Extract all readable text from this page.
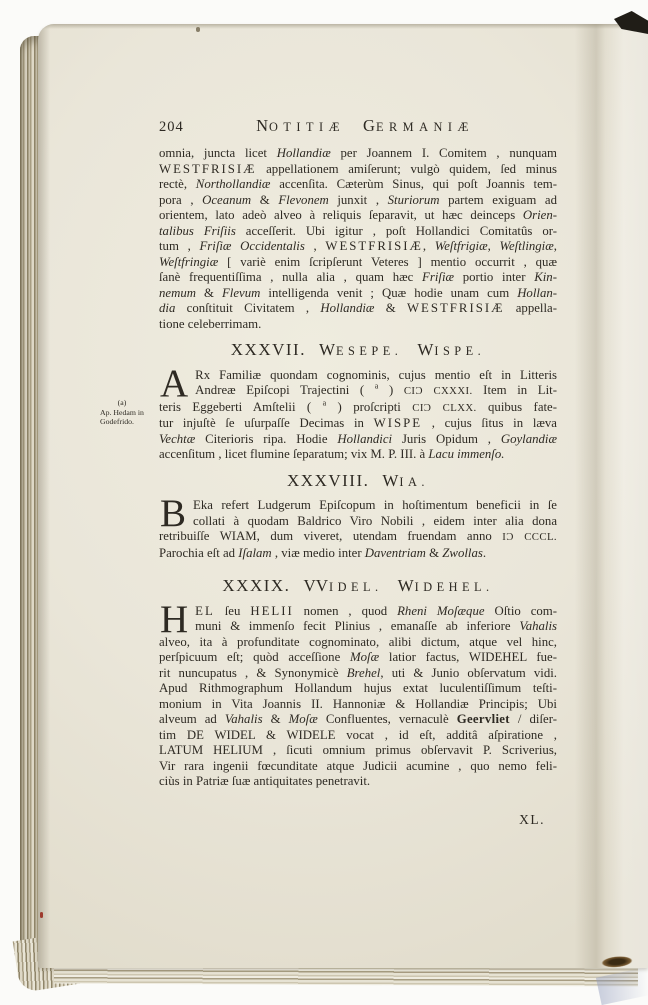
(a)
Ap. Hedam in
Godefrido.
204	NOTITIÆ GERMANIÆ
omnia, juncta licet Hollandiæ per Joannem I. Comitem , nunquam
WESTFRISIÆ appellationem amiſerunt; vulgò quidem, ſed minus
rectè, Northollandiæ accenſita. Cæterùm Sinus, qui poſt Joannis tem-
pora , Oceanum & Flevonem junxit , Sturiorum partem exiguam ad
orientem, lato adeò alveo à reliquis ſeparavit, ut hæc deinceps Orien-
talibus Friſiis acceſſerit. Ubi igitur , poſt Hollandici Comitatûs or-
tum , Friſiæ Occidentalis , WESTFRISIÆ, Weſtfrigiæ, Weſtlingiæ,
Weſtfringiæ [ variè enim ſcripſerunt Veteres ] mentio occurrit , quæ
ſanè frequentiſſima , nulla alia , quam hæc Friſiæ portio inter Kin-
nemum & Flevum intelligenda venit ; Quæ hodie unam cum Hollan-
dia conſtituit Civitatem , Hollandiæ & WESTFRISIÆ appella-
tione celeberrimam.
XXXVII. WESEPE. WISPE.
A Rx Familiæ quondam cognominis, cujus mentio eſt in Litteris
Andreæ Epiſcopi Trajectini ( $^a$ ) CIƆ CXXXI. Item in Lit-
teris Eggeberti Amſtelii ( $^a$ ) proſcripti CIƆ CLXX. quibus fate-
tur injuſtè ſe uſurpaſſe Decimas in WISPE , cujus ſitus in læva
Vechtæ Citerioris ripa. Hodie Hollandici Juris Opidum , Goylandiæ
accenſitum , licet flumine ſeparatum; vix M. P. III. à Lacu immenſo.
XXXVIII. WIA.
B Eka refert Ludgerum Epiſcopum in hoſtimentum beneficii in ſe
collati à quodam Baldrico Viro Nobili , eidem inter alia dona
retribuiſſe WIAM, dum viveret, utendam fruendam anno IƆ CCCL.
Parochia eſt ad Iſalam , viæ medio inter Daventriam & Zwollas.
XXXIX. VVIDEL. WIDEHEL.
H EL ſeu HELII nomen , quod Rheni Moſæque Oſtio com-
muni & immenſo fecit Plinius , emanaſſe ab inferiore Vahalis
alveo, ita à profunditate cognominato, alibi dictum, atque vel hinc,
perſpicuum eſt; quòd acceſſione Moſæ latior factus, WIDEHEL fue-
rit nuncupatus , & Synonymicè Brehel, uti & Junio obſervatum vidi.
Apud Rithmographum Hollandum hujus extat luculentiſſimum teſti-
monium in Vita Joannis II. Hannoniæ & Hollandiæ Principis; Ubi
alveum ad Vahalis & Moſæ Confluentes, vernaculè Geervliet / diſer-
tim DE WIDEL & WIDELE vocat , id eſt, additâ aſpiratione ,
LATUM HELIUM , ſicuti omnium primus obſervavit P. Scriverius,
Vir rara ingenii fœcunditate atque Judicii acumine , quo nemo feli-
ciùs in Patriæ ſuæ antiquitates penetravit.
XL.
